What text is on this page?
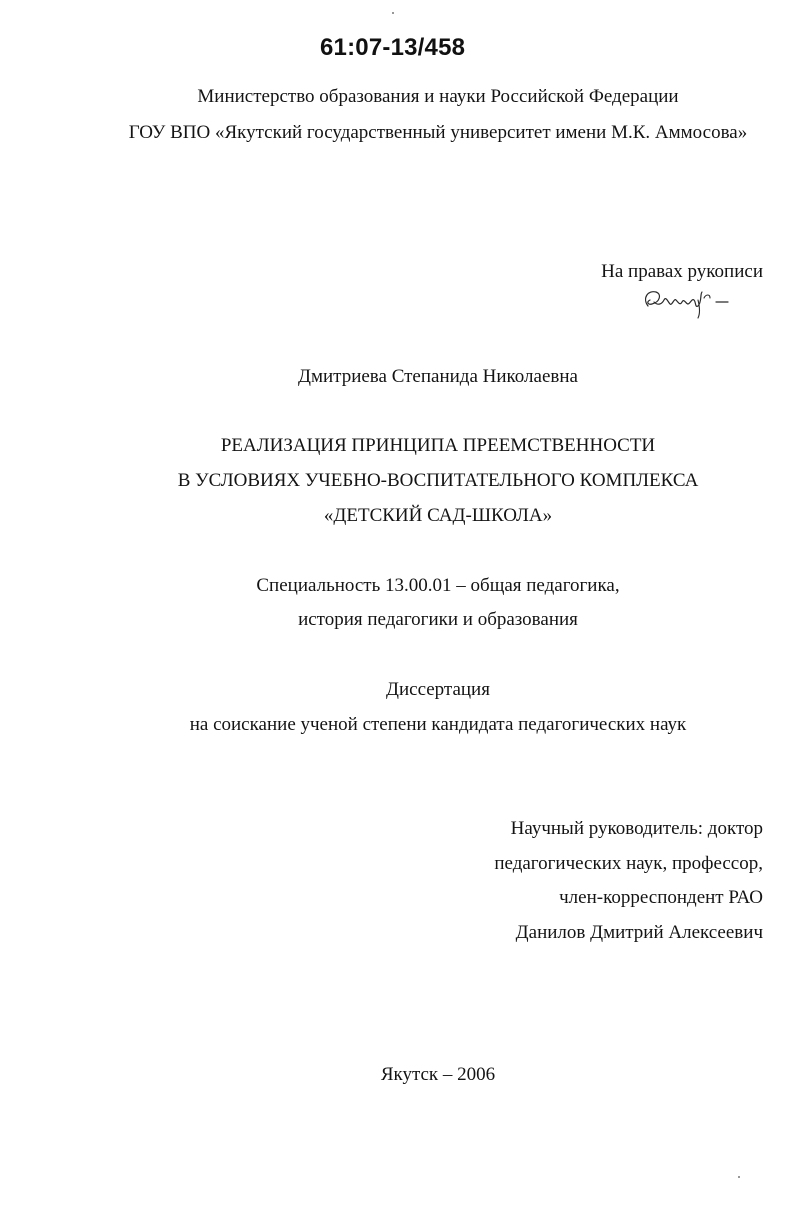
61:07-13/458
Министерство образования и науки Российской Федерации
ГОУ ВПО «Якутский государственный университет имени М.К. Аммосова»
На правах рукописи
Дмитриева Степанида Николаевна
РЕАЛИЗАЦИЯ ПРИНЦИПА ПРЕЕМСТВЕННОСТИ
В УСЛОВИЯХ УЧЕБНО-ВОСПИТАТЕЛЬНОГО КОМПЛЕКСА
«ДЕТСКИЙ САД-ШКОЛА»
Специальность 13.00.01 – общая педагогика,
история педагогики и образования
Диссертация
на соискание ученой степени кандидата педагогических наук
Научный руководитель: доктор
педагогических наук, профессор,
член-корреспондент РАО
Данилов Дмитрий Алексеевич
Якутск – 2006
